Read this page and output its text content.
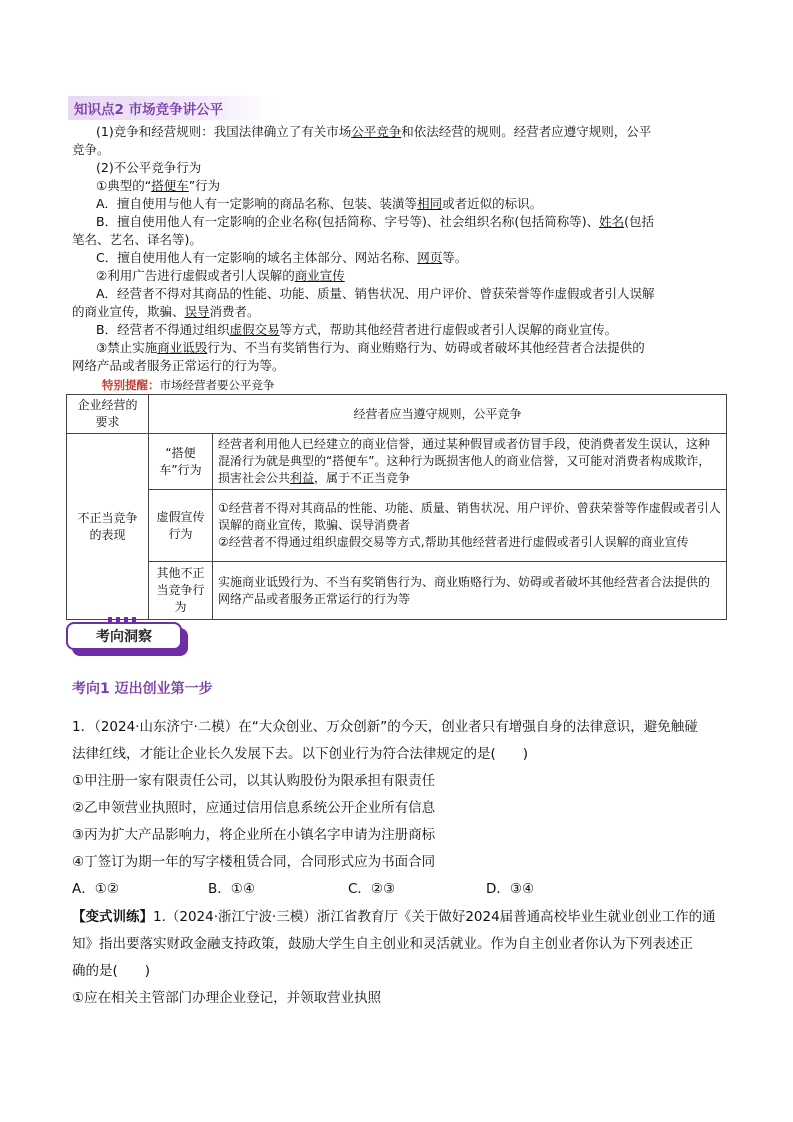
知识点2 市场竞争讲公平
(1)竞争和经营规则：我国法律确立了有关市场公平竞争和依法经营的规则。经营者应遵守规则，公平
竞争。
(2)不公平竞争行为
①典型的“搭便车”行为
A．擅自使用与他人有一定影响的商品名称、包装、装潢等相同或者近似的标识。
B．擅自使用他人有一定影响的企业名称(包括简称、字号等)、社会组织名称(包括简称等)、姓名(包括
笔名、艺名、译名等)。
C．擅自使用他人有一定影响的域名主体部分、网站名称、网页等。
②利用广告进行虚假或者引人误解的商业宣传
A．经营者不得对其商品的性能、功能、质量、销售状况、用户评价、曾获荣誉等作虚假或者引人误解
的商业宣传，欺骗、误导消费者。
B．经营者不得通过组织虚假交易等方式，帮助其他经营者进行虚假或者引人误解的商业宣传。
③禁止实施商业诋毁行为、不当有奖销售行为、商业贿赂行为、妨碍或者破坏其他经营者合法提供的
网络产品或者服务正常运行的行为等。
特别提醒：市场经营者要公平竞争
企业经营的要求	经营者应当遵守规则，公平竞争	
不正当竞争的表现	“搭便车”行为	经营者利用他人已经建立的商业信誉，通过某种假冒或者仿冒手段，使消费者发生误认，这种混淆行为就是典型的“搭便车”。这种行为既损害他人的商业信誉，又可能对消费者构成欺诈，损害社会公共利益，属于不正当竞争
	虚假宣传行为	①经营者不得对其商品的性能、功能、质量、销售状况、用户评价、曾获荣誉等作虚假或者引人误解的商业宣传，欺骗、误导消费者
②经营者不得通过组织虚假交易等方式,帮助其他经营者进行虚假或者引人误解的商业宣传

	其他不正当竞争行为	实施商业诋毁行为、不当有奖销售行为、商业贿赂行为、妨碍或者破坏其他经营者合法提供的网络产品或者服务正常运行的行为等
考向洞察
考向1 迈出创业第一步
1．（2024·山东济宁·二模）在“大众创业、万众创新”的今天，创业者只有增强自身的法律意识，避免触碰
法律红线，才能让企业长久发展下去。以下创业行为符合法律规定的是(　　)
①甲注册一家有限责任公司，以其认购股份为限承担有限责任
②乙申领营业执照时，应通过信用信息系统公开企业所有信息
③丙为扩大产品影响力，将企业所在小镇名字申请为注册商标
④丁签订为期一年的写字楼租赁合同，合同形式应为书面合同
A．①②	B．①④	C．②③	D．③④
【变式训练】1.（2024·浙江宁波·三模）浙江省教育厅《关于做好2024届普通高校毕业生就业创业工作的通
知》指出要落实财政金融支持政策，鼓励大学生自主创业和灵活就业。作为自主创业者你认为下列表述正
确的是(　　)
①应在相关主管部门办理企业登记，并领取营业执照
